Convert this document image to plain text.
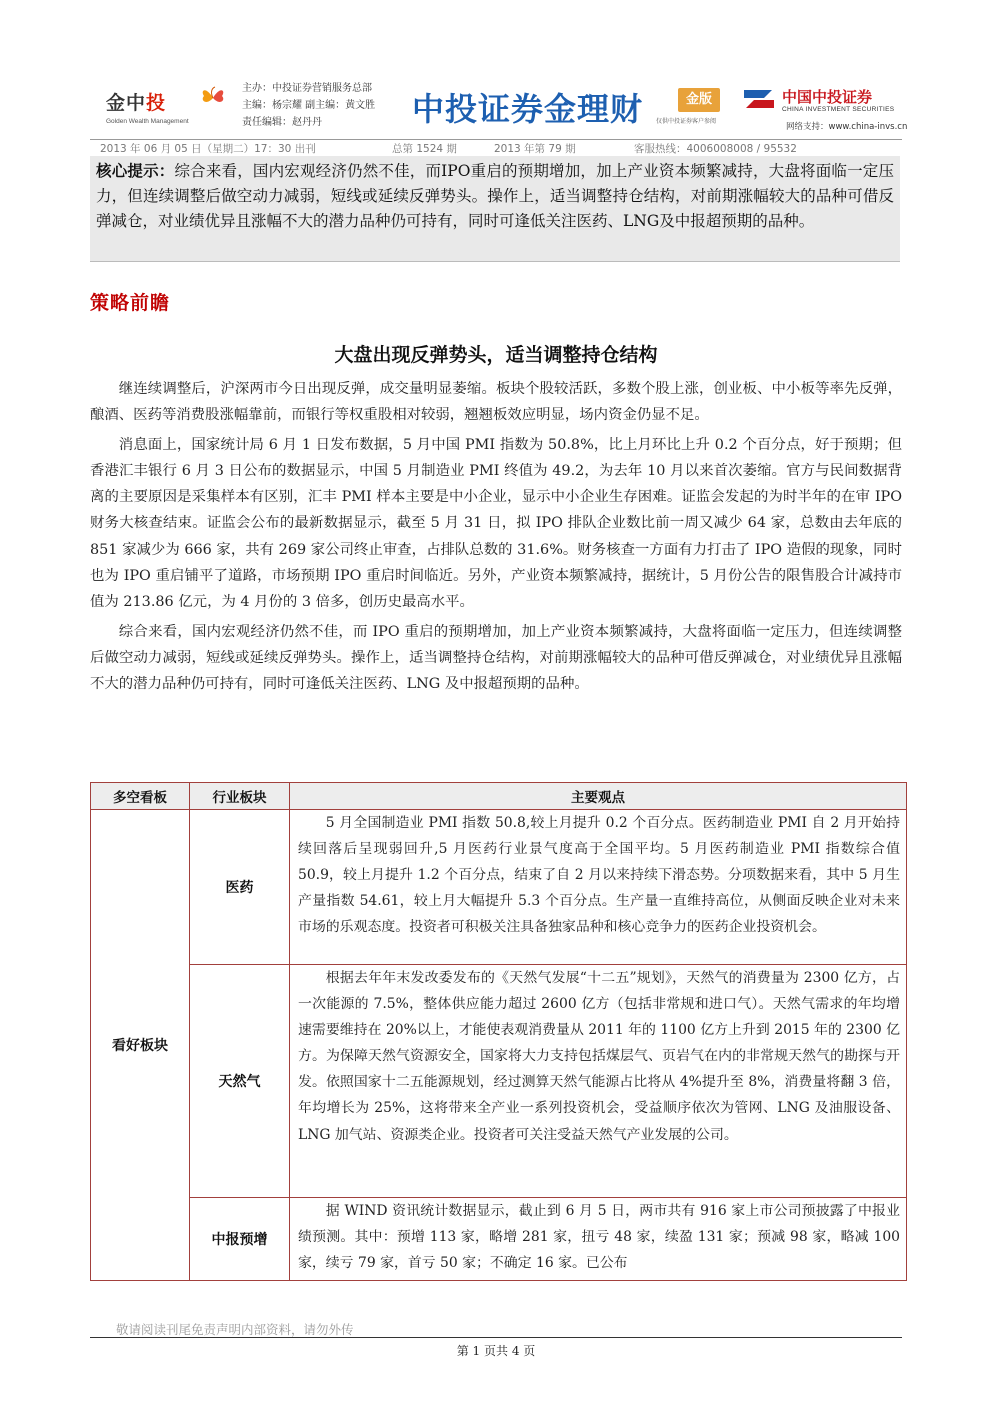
金中投
Golden Wealth Management
主办：中投证券营销服务总部
主编：杨宗耀 副主编：黄文胜
责任编辑：赵丹丹	中投证券金理财	金版
仅供中投证券客户参阅
中国中投证券
CHINA INVESTMENT SECURITIES
网络支持：www.china-invs.cn
2013 年 06 月 05 日（星期二）17：30 出刊	总第 1524 期	2013 年第 79 期	客服热线：4006008008 / 95532
核心提示：综合来看，国内宏观经济仍然不佳，而IPO重启的预期增加，加上产业资本频繁减持，大盘将面临一定压力，但连续调整后做空动力减弱，短线或延续反弹势头。操作上，适当调整持仓结构，对前期涨幅较大的品种可借反弹减仓，对业绩优异且涨幅不大的潜力品种仍可持有，同时可逢低关注医药、LNG及中报超预期的品种。
策略前瞻
大盘出现反弹势头，适当调整持仓结构

继连续调整后，沪深两市今日出现反弹，成交量明显萎缩。板块个股较活跃，多数个股上涨，创业板、中小板等率先反弹，酿酒、医药等消费股涨幅靠前，而银行等权重股相对较弱，翘翘板效应明显，场内资金仍显不足。

消息面上，国家统计局 6 月 1 日发布数据，5 月中国 PMI 指数为 50.8%，比上月环比上升 0.2 个百分点，好于预期；但香港汇丰银行 6 月 3 日公布的数据显示，中国 5 月制造业 PMI 终值为 49.2，为去年 10 月以来首次萎缩。官方与民间数据背离的主要原因是采集样本有区别，汇丰 PMI 样本主要是中小企业，显示中小企业生存困难。证监会发起的为时半年的在审 IPO 财务大核查结束。证监会公布的最新数据显示，截至 5 月 31 日，拟 IPO 排队企业数比前一周又减少 64 家，总数由去年底的 851 家减少为 666 家，共有 269 家公司终止审查，占排队总数的 31.6%。财务核查一方面有力打击了 IPO 造假的现象，同时也为 IPO 重启铺平了道路，市场预期 IPO 重启时间临近。另外，产业资本频繁减持，据统计，5 月份公告的限售股合计减持市值为 213.86 亿元，为 4 月份的 3 倍多，创历史最高水平。

综合来看，国内宏观经济仍然不佳，而 IPO 重启的预期增加，加上产业资本频繁减持，大盘将面临一定压力，但连续调整后做空动力减弱，短线或延续反弹势头。操作上，适当调整持仓结构，对前期涨幅较大的品种可借反弹减仓，对业绩优异且涨幅不大的潜力品种仍可持有，同时可逢低关注医药、LNG 及中报超预期的品种。

多空看板	行业板块	主要观点
看好板块	医药	5 月全国制造业 PMI 指数 50.8,较上月提升 0.2 个百分点。医药制造业 PMI 自 2 月开始持续回落后呈现弱回升,5 月医药行业景气度高于全国平均。5 月医药制造业 PMI 指数综合值 50.9，较上月提升 1.2 个百分点，结束了自 2 月以来持续下滑态势。分项数据来看，其中 5 月生产量指数 54.61，较上月大幅提升 5.3 个百分点。生产量一直维持高位，从侧面反映企业对未来市场的乐观态度。投资者可积极关注具备独家品种和核心竞争力的医药企业投资机会。

	天然气	根据去年年末发改委发布的《天然气发展“十二五”规划》，天然气的消费量为 2300 亿方，占一次能源的 7.5%，整体供应能力超过 2600 亿方（包括非常规和进口气）。天然气需求的年均增速需要维持在 20%以上，才能使表观消费量从 2011 年的 1100 亿方上升到 2015 年的 2300 亿方。为保障天然气资源安全，国家将大力支持包括煤层气、页岩气在内的非常规天然气的勘探与开发。依照国家十二五能源规划，经过测算天然气能源占比将从 4%提升至 8%，消费量将翻 3 倍，年均增长为 25%，这将带来全产业一系列投资机会，受益顺序依次为管网、LNG 及油服设备、LNG 加气站、资源类企业。投资者可关注受益天然气产业发展的公司。

	中报预增	据 WIND 资讯统计数据显示，截止到 6 月 5 日，两市共有 916 家上市公司预披露了中报业绩预测。其中：预增 113 家，略增 281 家，扭亏 48 家，续盈 131 家；预减 98 家，略减 100 家，续亏 79 家，首亏 50 家；不确定 16 家。已公布
敬请阅读刊尾免责声明内部资料，请勿外传
第 1 页共 4 页
